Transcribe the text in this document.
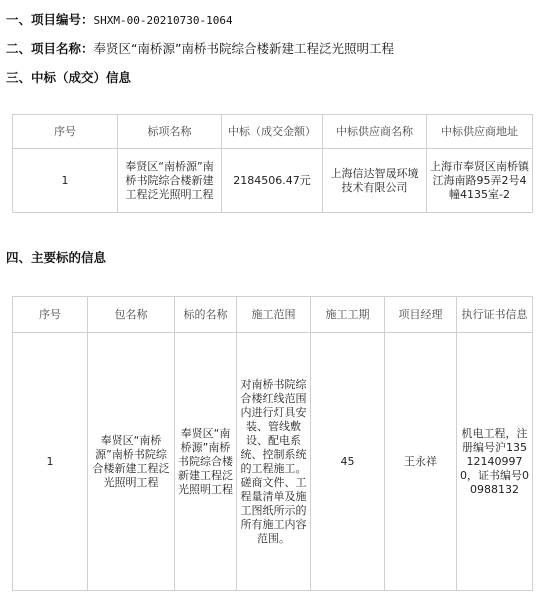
一、项目编号：SHXM-00-20210730-1064
二、项目名称：奉贤区“南桥源”南桥书院综合楼新建工程泛光照明工程
三、中标（成交）信息
序号	标项名称	中标（成交金额）	中标供应商名称	中标供应商地址
1	奉贤区“南桥源”南桥书院综合楼新建工程泛光照明工程	2184506.47元	上海信达智晟环境技术有限公司	上海市奉贤区南桥镇江海南路95弄2号4幢4135室-2
四、主要标的信息
序号	包名称	标的名称	施工范围	施工工期	项目经理	执行证书信息
1	奉贤区“南桥源”南桥书院综合楼新建工程泛光照明工程	奉贤区“南桥源”南桥书院综合楼新建工程泛光照明工程	对南桥书院综合楼红线范围内进行灯具安装、管线敷设、配电系统、控制系统的工程施工。磋商文件、工程量清单及施工图纸所示的所有施工内容范围。	45	王永祥	机电工程，注册编号沪13512140997 0，证书编号00988132
